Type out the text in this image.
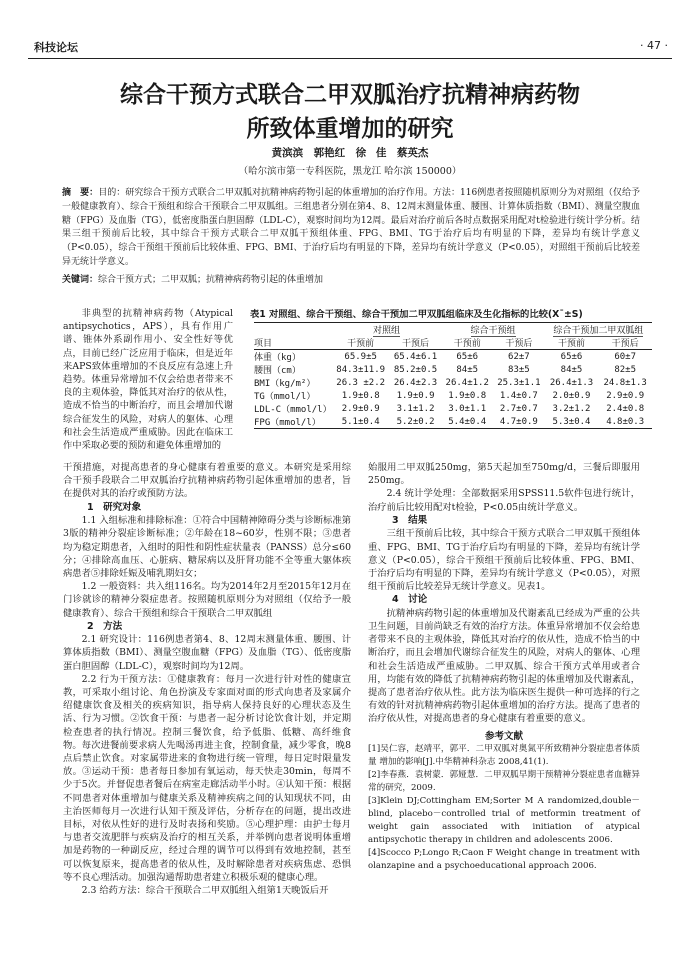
科技论坛	· 47 ·
综合干预方式联合二甲双胍治疗抗精神病药物
所致体重增加的研究
黄滨滨　郭艳红　徐 佳　蔡英杰
（哈尔滨市第一专科医院，黑龙江 哈尔滨 150000）
摘　要：目的：研究综合干预方式联合二甲双胍对抗精神病药物引起的体重增加的治疗作用。方法：116例患者按照随机原则分为对照组（仅给予一般健康教育）、综合干预组和综合干预联合二甲双胍组。三组患者分别在第4、8、12周末测量体重、腰围、计算体质指数（BMI）、测量空腹血糖（FPG）及血脂（TG），低密度脂蛋白胆固醇（LDL-C），观察时间均为12周。最后对治疗前后各时点数据采用配对t检验进行统计学分析。结果三组干预前后比较，其中综合干预方式联合二甲双胍干预组体重、FPG、BMI、TG于治疗后均有明显的下降，差异均有统计学意义（P<0.05），综合干预组干预前后比较体重、FPG、BMI、于治疗后均有明显的下降，差异均有统计学意义（P<0.05），对照组干预前后比较差异无统计学意义。
关键词：综合干预方式；二甲双胍；抗精神病药物引起的体重增加

非典型的抗精神病药物（Atypical antipsychotics，APS），具有作用广谱、锥体外系副作用小、安全性好等优点，目前已经广泛应用于临床，但是近年来APS致体重增加的不良反应有急速上升趋势。体重异常增加不仅会给患者带来不良的主观体验，降低其对治疗的依从性，造成不恰当的中断治疗，而且会增加代谢综合征发生的风险，对病人的躯体、心理和社会生活造成严重威胁。因此在临床工作中采取必要的预防和避免体重增加的

表1 对照组、综合干预组、综合干预加二甲双胍组临床及生化指标的比较(X¯±S)
	对照组		综合干预组		综合干预加二甲双胍组	
项目	干预前	干预后	干预前	干预后	干预前	干预后
体重（kg）	65.9±5	65.4±6.1	65±6	62±7	65±6	60±7
腰围（cm）	84.3±11.9	85.2±0.5	84±5	83±5	84±5	82±5
BMI（kg/m²）	26.3 ±2.2	26.4±2.3	26.4±1.2	25.3±1.1	26.4±1.3	24.8±1.3
TG（mmol/l）	1.9±0.8	1.9±0.9	1.9±0.8	1.4±0.7	2.0±0.9	2.9±0.9
LDL-C（mmol/l）	2.9±0.9	3.1±1.2	3.0±1.1	2.7±0.7	3.2±1.2	2.4±0.8
FPG（mmol/l）	5.1±0.4	5.2±0.2	5.4±0.4	4.7±0.9	5.3±0.4	4.8±0.3

干预措施，对提高患者的身心健康有着重要的意义。本研究是采用综合干预手段联合二甲双胍治疗抗精神病药物引起体重增加的患者，旨在提供对其的治疗或预防方法。

1　研究对象

1.1 入组标准和排除标准：①符合中国精神障碍分类与诊断标准第3版的精神分裂症诊断标准；②年龄在18~60岁，性别不限；③患者均为稳定期患者，入组时的阳性和阴性症状量表（PANSS）总分≤60分；④排除高血压、心脏病、糖尿病以及肝肾功能不全等重大躯体疾病患者⑤排除妊娠及哺乳期妇女；

1.2 一般资料：共入组116名。均为2014年2月至2015年12月在门诊就诊的精神分裂症患者。按照随机原则分为对照组（仅给予一般健康教育）、综合干预组和综合干预联合二甲双胍组

2　方法

2.1 研究设计：116例患者第4、8、12周末测量体重、腰围、计算体质指数（BMI）、测量空腹血糖（FPG）及血脂（TG）、低密度脂蛋白胆固醇（LDL-C），观察时间均为12周。

2.2 行为干预方法：①健康教育：每月一次进行针对性的健康宣教，可采取小组讨论、角色扮演及专家面对面的形式向患者及家属介绍健康饮食及相关的疾病知识，指导病人保持良好的心理状态及生活、行为习惯。②饮食干预：与患者一起分析讨论饮食计划，并定期检查患者的执行情况。控制三餐饮食，给予低脂、低糖、高纤维食物。每次进餐前要求病人先喝汤再进主食，控制食量，减少零食，晚8点后禁止饮食。对家属带进来的食物进行统一管理，每日定时限量发放。③运动干预：患者每日参加有氧运动，每天快走30min，每周不少于5次。并督促患者餐后在病室走廊活动半小时。④认知干预：根据不同患者对体重增加与健康关系及精神疾病之间的认知现状不同，由主治医师每月一次进行认知干预及评估，分析存在的问题，提出改进目标，对依从性好的进行及时表扬和奖励。⑤心理护理：由护士每月与患者交流肥胖与疾病及治疗的相互关系，并举例向患者说明体重增加是药物的一种副反应，经过合理的调节可以得到有效地控制，甚至可以恢复原来，提高患者的依从性，及时解除患者对疾病焦虑、恐惧等不良心理活动。加强沟通帮助患者建立积极乐观的健康心理。

2.3 给药方法：综合干预联合二甲双胍组入组第1天晚饭后开

始服用二甲双胍250mg，第5天起加至750mg/d，三餐后即服用250mg。

2.4 统计学处理：全部数据采用SPSS11.5软件包进行统计，治疗前后比较用配对t检验，P<0.05由统计学意义。

3　结果

三组干预前后比较，其中综合干预方式联合二甲双胍干预组体重、FPG、BMI、TG于治疗后均有明显的下降，差异均有统计学意义（P<0.05），综合干预组干预前后比较体重、FPG、BMI、于治疗后均有明显的下降，差异均有统计学意义（P<0.05），对照组干预前后比较差异无统计学意义。见表1。

4　讨论

抗精神病药物引起的体重增加及代谢紊乱已经成为严重的公共卫生问题，目前尚缺乏有效的治疗方法。体重异常增加不仅会给患者带来不良的主观体验，降低其对治疗的依从性，造成不恰当的中断治疗，而且会增加代谢综合征发生的风险，对病人的躯体、心理和社会生活造成严重威胁。二甲双胍、综合干预方式单用或者合用，均能有效的降低了抗精神病药物引起的体重增加及代谢紊乱，提高了患者治疗依从性。此方法为临床医生提供一种可选择的行之有效的针对抗精神病药物引起体重增加的治疗方法。提高了患者的治疗依从性，对提高患者的身心健康有着重要的意义。

参考文献

[1]吴仁容，赵靖平，郭平．二甲双胍对奥氮平所致精神分裂症患者体质量 增加的影响[J].中华精神科杂志 2008,41(1).

[2]李春燕．袁树蒙．郭娅慧．二甲双胍早期干预精神分裂症患者血糖异常的研究，2009.

[3]Klein DJ;Cottingham EM;Sorter M A randomized,double－blind, placebo－controlled trial of metformin treatment of weight gain associated with initiation of atypical antipsychotic therapy in children and adolescents 2006.

[4]Scocco P;Longo R;Caon F Weight change in treatment with olanzapine and a psychoeducational approach 2006.
